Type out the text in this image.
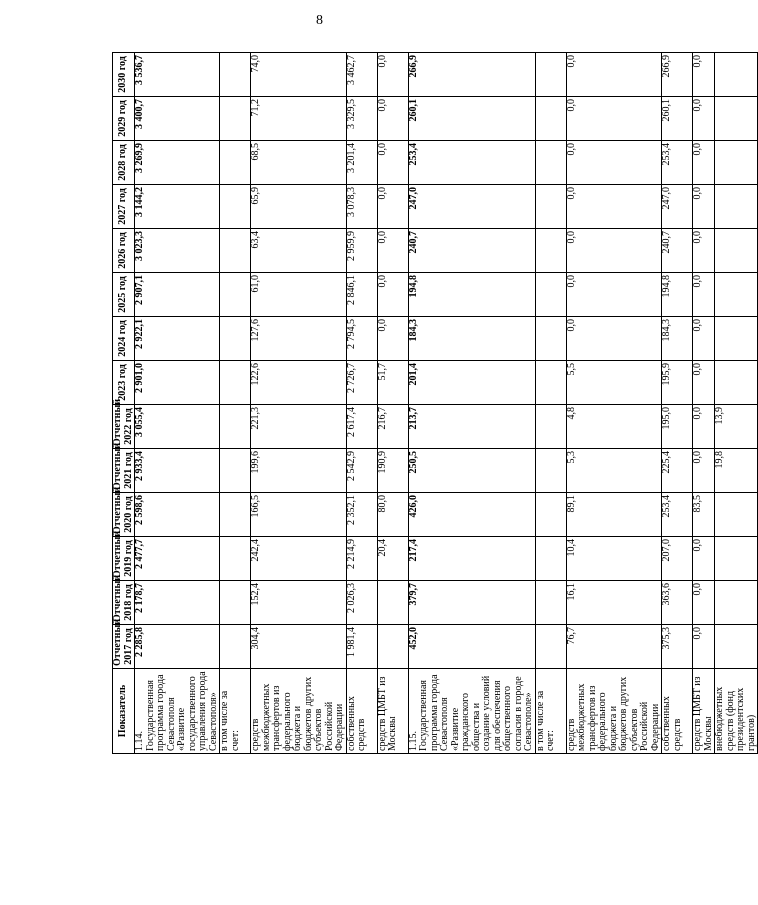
8
Показатель	Отчетный 2017 год	Отчетный 2018 год	Отчетный 2019 год	Отчетный 2020 год	Отчетный 2021 год	Отчетный 2022 год	2023 год	2024 год	2025 год	2026 год	2027 год	2028 год	2029 год	2030 год
1.14. Государственная программа города Севастополя «Развитие государственного управления города Севастополя»	2 285,8	2 178,7	2 477,7	2 598,6	2 933,4	3 055,4	2 901,0	2 922,1	2 907,1	3 023,3	3 144,2	3 269,9	3 400,7	3 536,7
в том числе за счет:														
средств межбюджетных трансфертов из федерального бюджета и бюджетов других субъектов Российской Федерации	304,4	152,4	242,4	166,5	199,6	221,3	122,6	127,6	61,0	63,4	65,9	68,5	71,2	74,0
собственных средств	1 981,4	2 026,3	2 214,9	2 352,1	2 542,9	2 617,4	2 726,7	2 794,5	2 846,1	2 959,9	3 078,3	3 201,4	3 329,5	3 462,7
средств ЦМБТ из Москвы			20,4	80,0	190,9	216,7	51,7	0,0	0,0	0,0	0,0	0,0	0,0	0,0
1.15. Государственная программа города Севастополя «Развитие гражданского общества и создание условий для обеспечения общественного согласия в городе Севастополе»	452,0	379,7	217,4	426,0	250,5	213,7	201,4	184,3	194,8	240,7	247,0	253,4	260,1	266,9
в том числе за счет:														
средств межбюджетных трансфертов из федерального бюджета и бюджетов других субъектов Российской Федерации	76,7	16,1	10,4	89,1	5,3	4,8	5,5	0,0	0,0	0,0	0,0	0,0	0,0	0,0
собственных средств	375,3	363,6	207,0	253,4	225,4	195,0	195,9	184,3	194,8	240,7	247,0	253,4	260,1	266,9
средств ЦМБТ из Москвы	0,0	0,0	0,0	83,5	0,0	0,0	0,0	0,0	0,0	0,0	0,0	0,0	0,0	0,0
внебюджетных средств (фонд президентских грантов)					19,8	13,9								
